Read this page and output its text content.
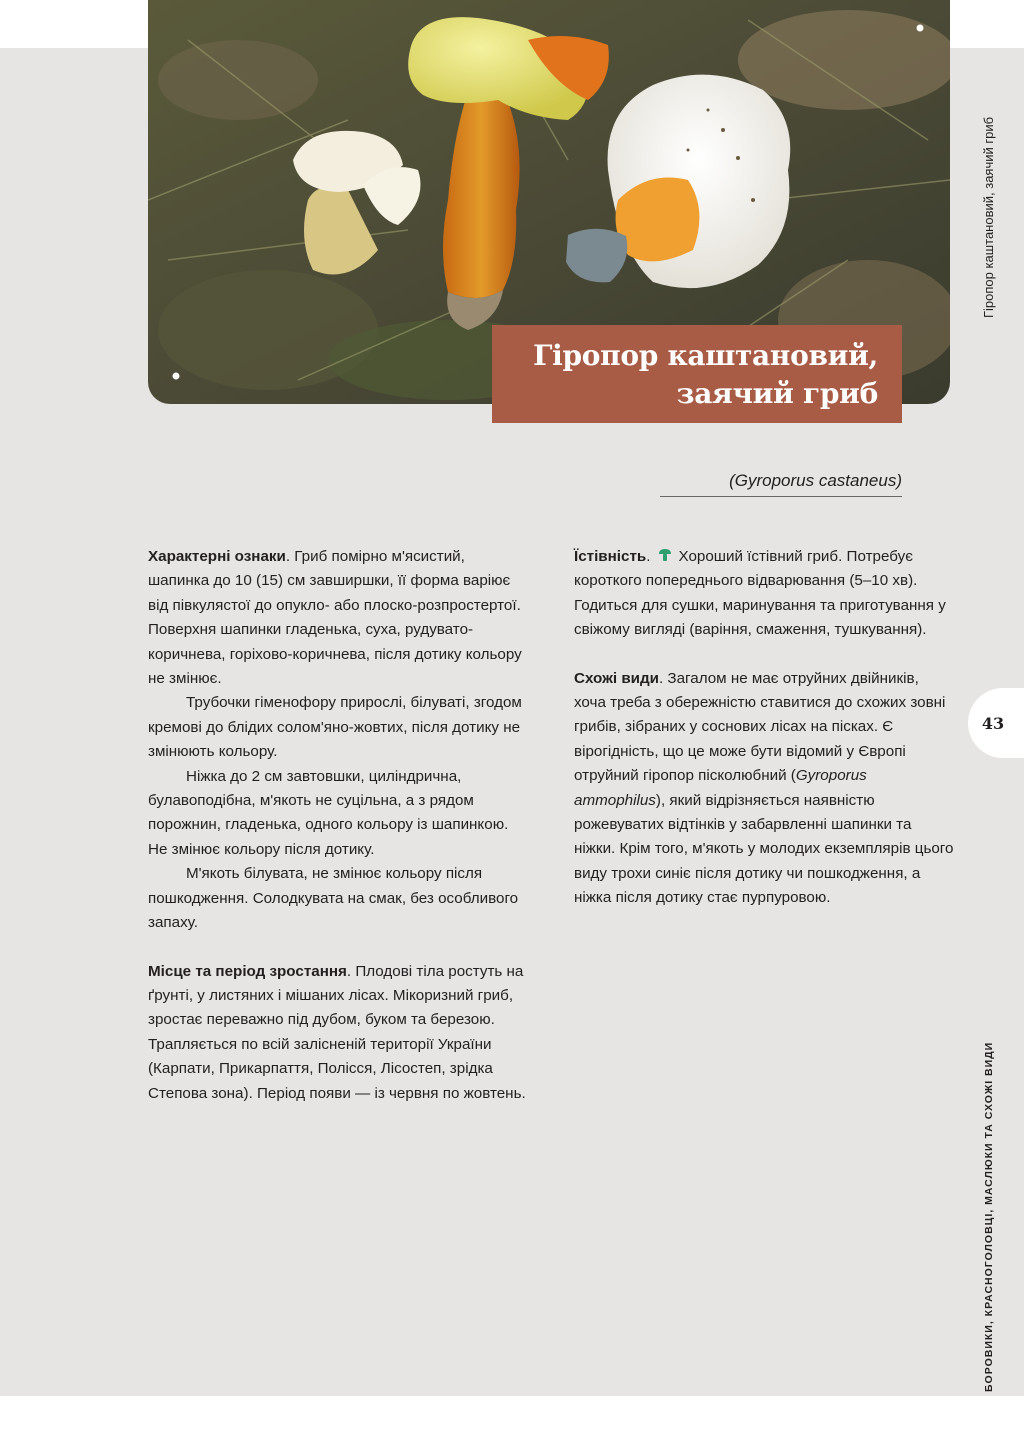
Гіропор каштановий,
заячий гриб
(Gyroporus castaneus)

Характерні ознаки. Гриб помірно м'ясистий, шапинка до 10 (15) см завширшки, її форма варіює від півкулястої до опукло- або плоско-розпростертої. Поверхня шапинки гладенька, суха, рудувато-коричнева, горіхово-коричнева, після дотику кольору не змінює.

Трубочки гіменофору прирослі, білуваті, згодом кремові до блідих солом'яно-жовтих, після дотику не змінюють кольору.

Ніжка до 2 см завтовшки, циліндрична, булавоподібна, м'якоть не суцільна, а з рядом порожнин, гладенька, одного кольору із шапинкою. Не змінює кольору після дотику.

М'якоть білувата, не змінює кольору після пошкодження. Солодкувата на смак, без особливого запаху.

Місце та період зростання. Плодові тіла ростуть на ґрунті, у листяних і мішаних лісах. Мікоризний гриб, зростає переважно під дубом, буком та березою. Трапляється по всій залісненій території України (Карпати, Прикарпаття, Полісся, Лісостеп, зрідка Степова зона). Період появи — із червня по жовтень.

Їстівність. Хороший їстівний гриб. Потребує короткого попереднього відварювання (5–10 хв). Годиться для сушки, маринування та приготування у свіжому вигляді (варіння, смаження, тушкування).

Схожі види. Загалом не має отруйних двійників, хоча треба з обережністю ставитися до схожих зовні грибів, зібраних у соснових лісах на пісках. Є вірогідність, що це може бути відомий у Європі отруйний гіропор пісколюбний (Gyroporus ammophilus), який відрізняється наявністю рожевуватих відтінків у забарвленні шапинки та ніжки. Крім того, м'якоть у молодих екземплярів цього виду трохи синіє після дотику чи пошкодження, а ніжка після дотику стає пурпуровою.

Гіропор каштановий, заячий гриб
43
БОРОВИКИ, КРАСНОГОЛОВЦІ, МАСЛЮКИ ТА СХОЖІ ВИДИ
